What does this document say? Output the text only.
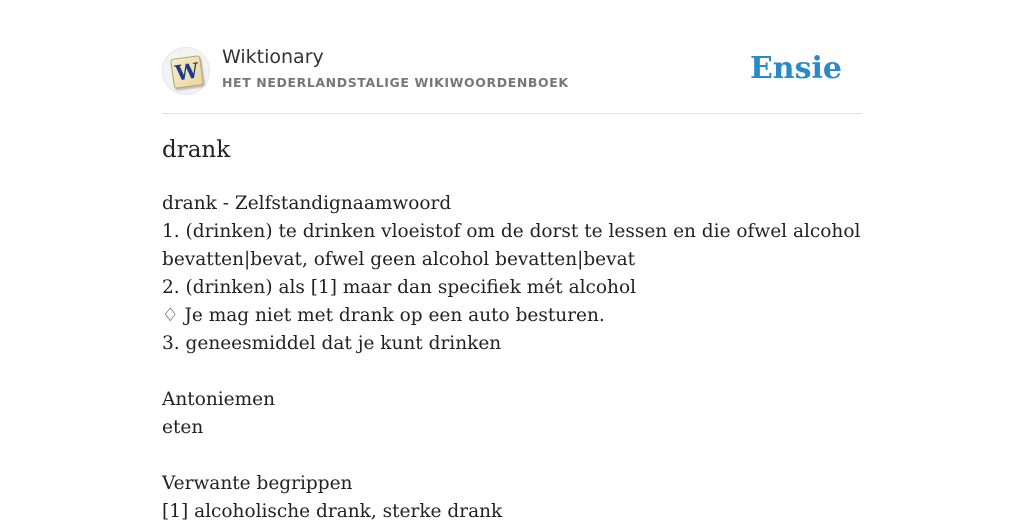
W
Wiktionary
HET NEDERLANDSTALIGE WIKIWOORDENBOEK	Ensie
drank
drank - Zelfstandignaamwoord
1. (drinken) te drinken vloeistof om de dorst te lessen en die ofwel alcohol bevatten|bevat, ofwel geen alcohol bevatten|bevat
2. (drinken) als [1] maar dan specifiek mét alcohol
♢ Je mag niet met drank op een auto besturen.
3. geneesmiddel dat je kunt drinken
Antoniemen
eten
Verwante begrippen
[1] alcoholische drank, sterke drank
